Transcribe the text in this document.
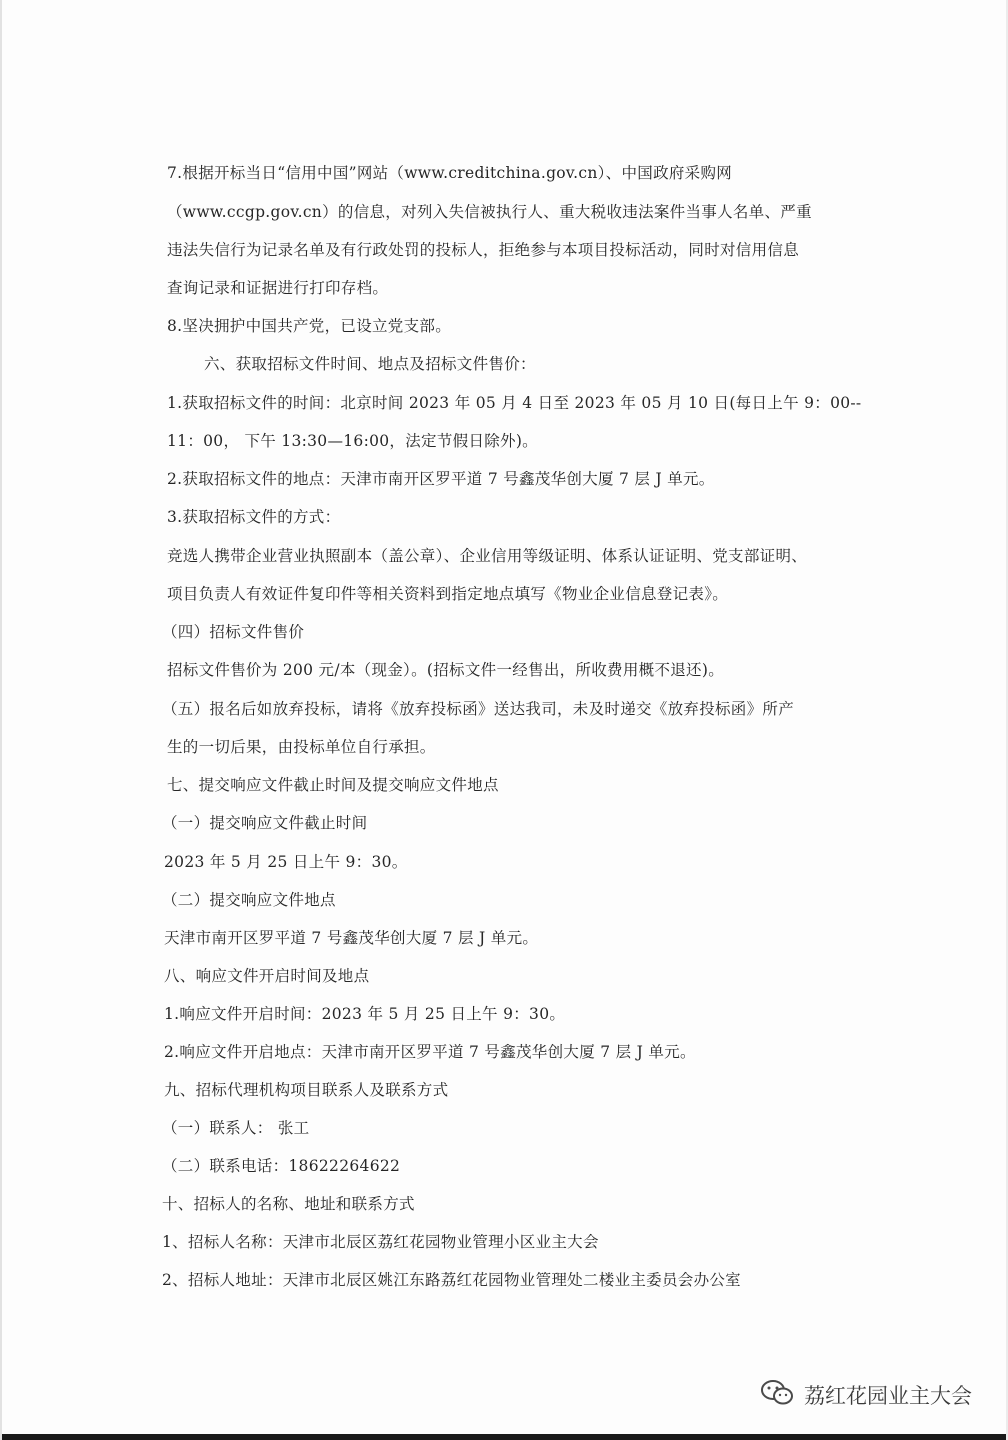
7.根据开标当日“信用中国”网站（www.creditchina.gov.cn）、中国政府采购网
（www.ccgp.gov.cn）的信息，对列入失信被执行人、重大税收违法案件当事人名单、严重
违法失信行为记录名单及有行政处罚的投标人，拒绝参与本项目投标活动，同时对信用信息
查询记录和证据进行打印存档。
8.坚决拥护中国共产党，已设立党支部。
六、获取招标文件时间、地点及招标文件售价：
1.获取招标文件的时间：北京时间 2023 年 05 月 4 日至 2023 年 05 月 10 日(每日上午 9：00--
11：00， 下午 13:30—16:00，法定节假日除外)。
2.获取招标文件的地点：天津市南开区罗平道 7 号鑫茂华创大厦 7 层 J 单元。
3.获取招标文件的方式：
竞选人携带企业营业执照副本（盖公章）、企业信用等级证明、体系认证证明、党支部证明、
项目负责人有效证件复印件等相关资料到指定地点填写《物业企业信息登记表》。
（四）招标文件售价
招标文件售价为 200 元/本（现金）。(招标文件一经售出，所收费用概不退还)。
（五）报名后如放弃投标，请将《放弃投标函》送达我司，未及时递交《放弃投标函》所产
生的一切后果，由投标单位自行承担。
七、提交响应文件截止时间及提交响应文件地点
（一）提交响应文件截止时间
2023 年 5 月 25 日上午 9：30。
（二）提交响应文件地点
天津市南开区罗平道 7 号鑫茂华创大厦 7 层 J 单元。
八、响应文件开启时间及地点
1.响应文件开启时间：2023 年 5 月 25 日上午 9：30。
2.响应文件开启地点：天津市南开区罗平道 7 号鑫茂华创大厦 7 层 J 单元。
九、招标代理机构项目联系人及联系方式
（一）联系人： 张工
（二）联系电话：18622264622
十、招标人的名称、地址和联系方式
1、招标人名称：天津市北辰区荔红花园物业管理小区业主大会
2、招标人地址：天津市北辰区姚江东路荔红花园物业管理处二楼业主委员会办公室
荔红花园业主大会
